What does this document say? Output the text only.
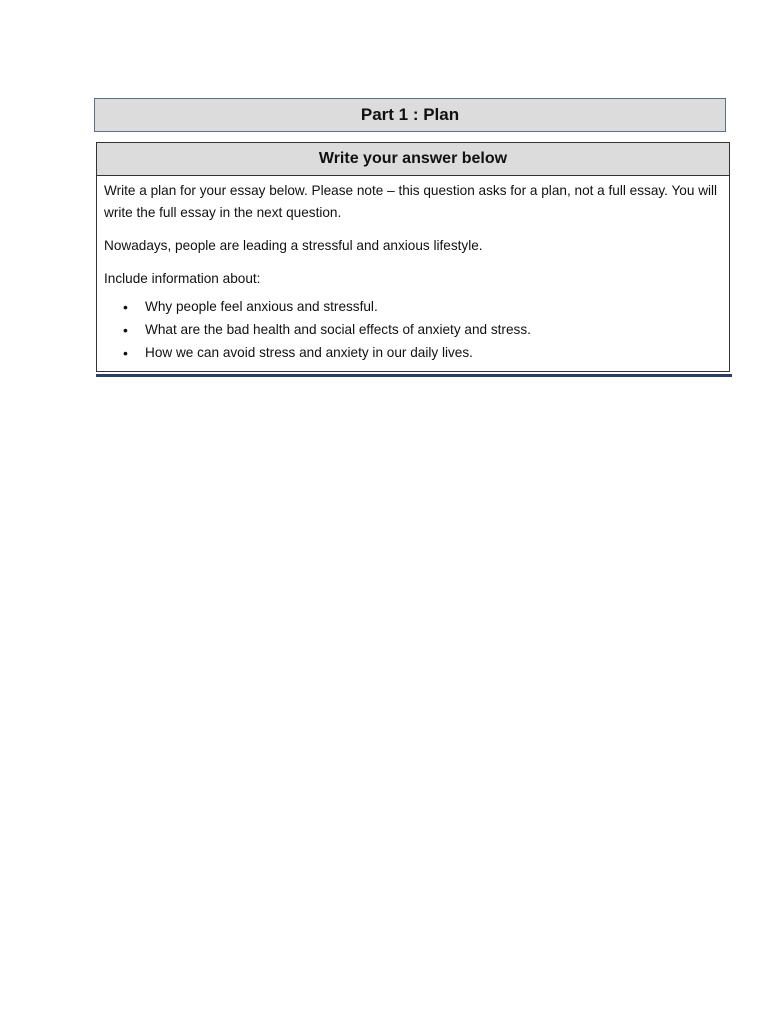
Part 1 : Plan
Write your answer below

Write a plan for your essay below. Please note – this question asks for a plan, not a full essay. You will write the full essay in the next question.

Nowadays, people are leading a stressful and anxious lifestyle.

Include information about:

•	Why people feel anxious and stressful.
•	What are the bad health and social effects of anxiety and stress.
•	How we can avoid stress and anxiety in our daily lives.
